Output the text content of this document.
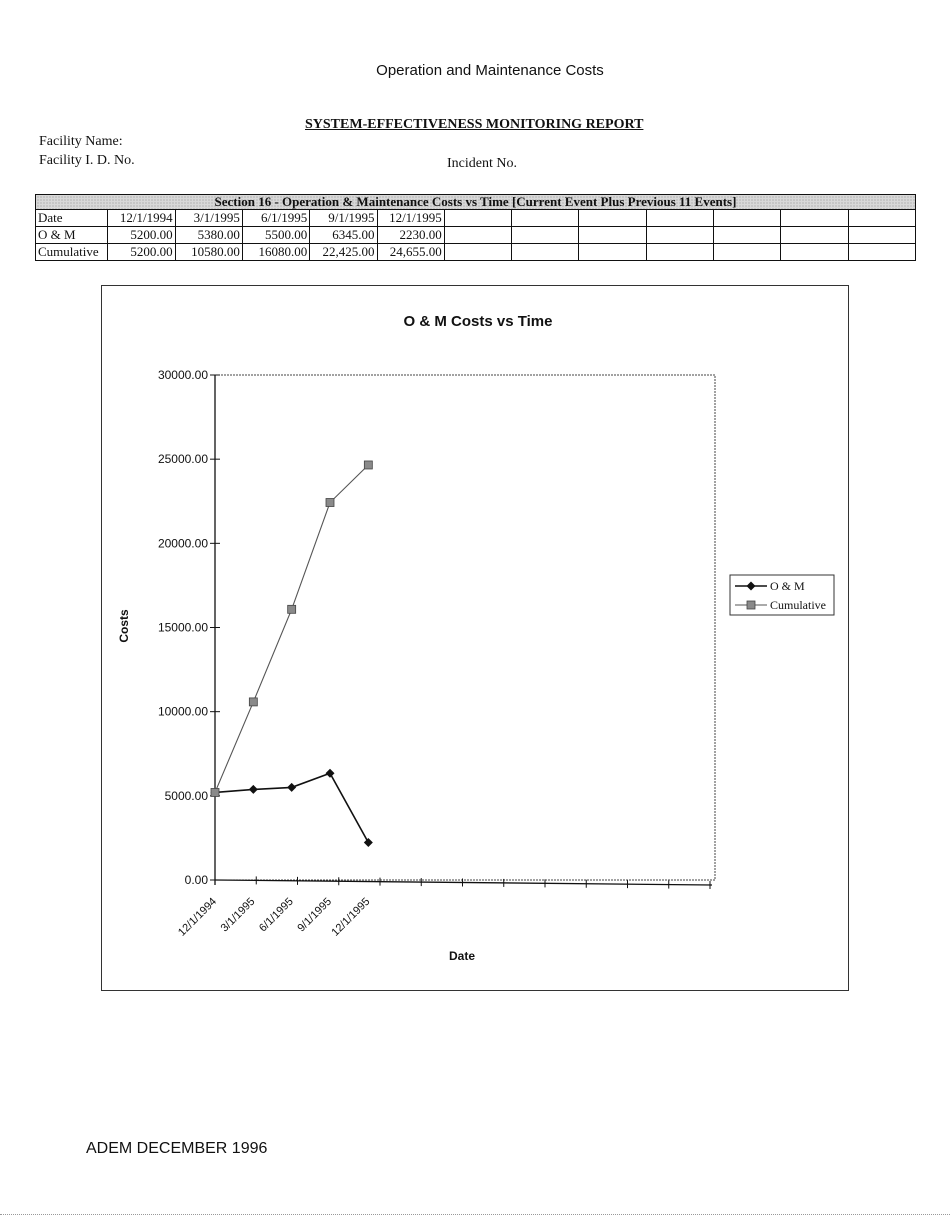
Operation and Maintenance Costs
SYSTEM-EFFECTIVENESS MONITORING REPORT
Facility Name:
Facility I. D. No.	Incident No.
Section 16 - Operation & Maintenance Costs vs Time [Current Event Plus Previous 11 Events]												
Date	12/1/1994	3/1/1995	6/1/1995	9/1/1995	12/1/1995							
O & M	5200.00	5380.00	5500.00	6345.00	2230.00							
Cumulative	5200.00	10580.00	16080.00	22,425.00	24,655.00							
O & M Costs vs Time
0.00
5000.00
10000.00
15000.00
20000.00
25000.00
30000.00
12/1/1994 3/1/1995 6/1/1995 9/1/1995
12/1/1995
Date
Costs
O & M
Cumulative
ADEM DECEMBER 1996
